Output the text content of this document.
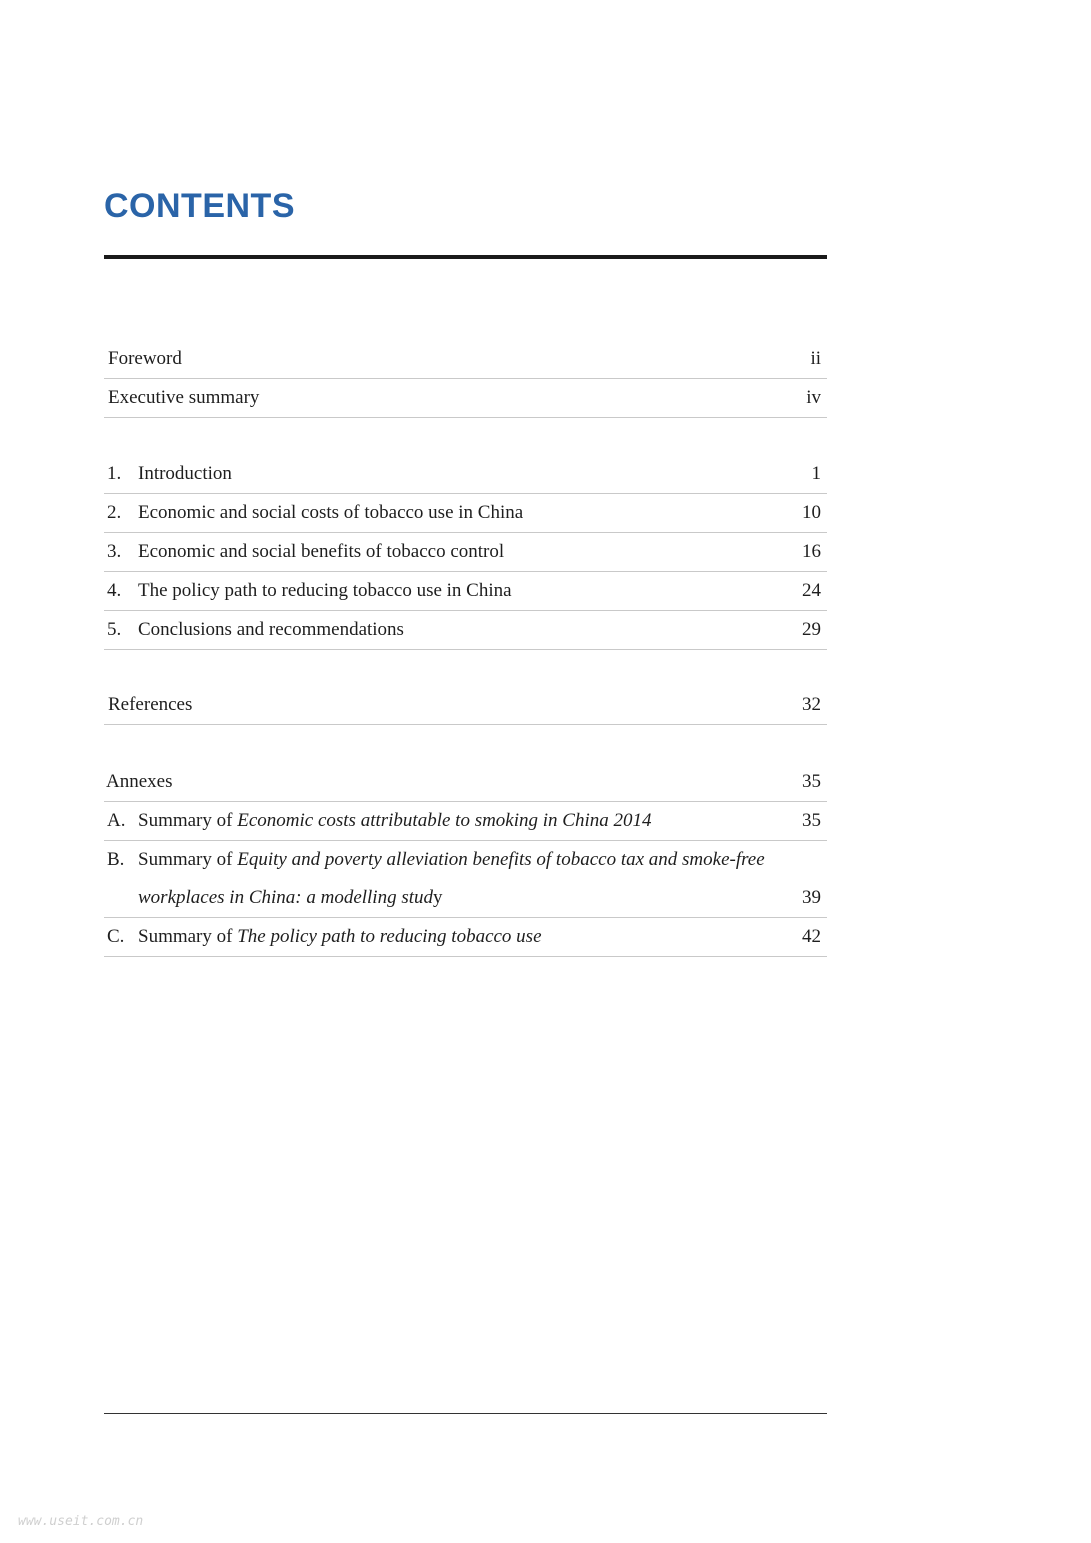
CONTENTS
Foreword	ii
Executive summary	iv
1. Introduction	1
2. Economic and social costs of tobacco use in China	10
3. Economic and social benefits of tobacco control	16
4. The policy path to reducing tobacco use in China	24
5. Conclusions and recommendations	29
References	32
Annexes	35
A. Summary of Economic costs attributable to smoking in China 2014	35
B. Summary of Equity and poverty alleviation benefits of tobacco tax and smoke-free workplaces in China: a modelling study	39
C. Summary of The policy path to reducing tobacco use	42
www.useit.com.cn
